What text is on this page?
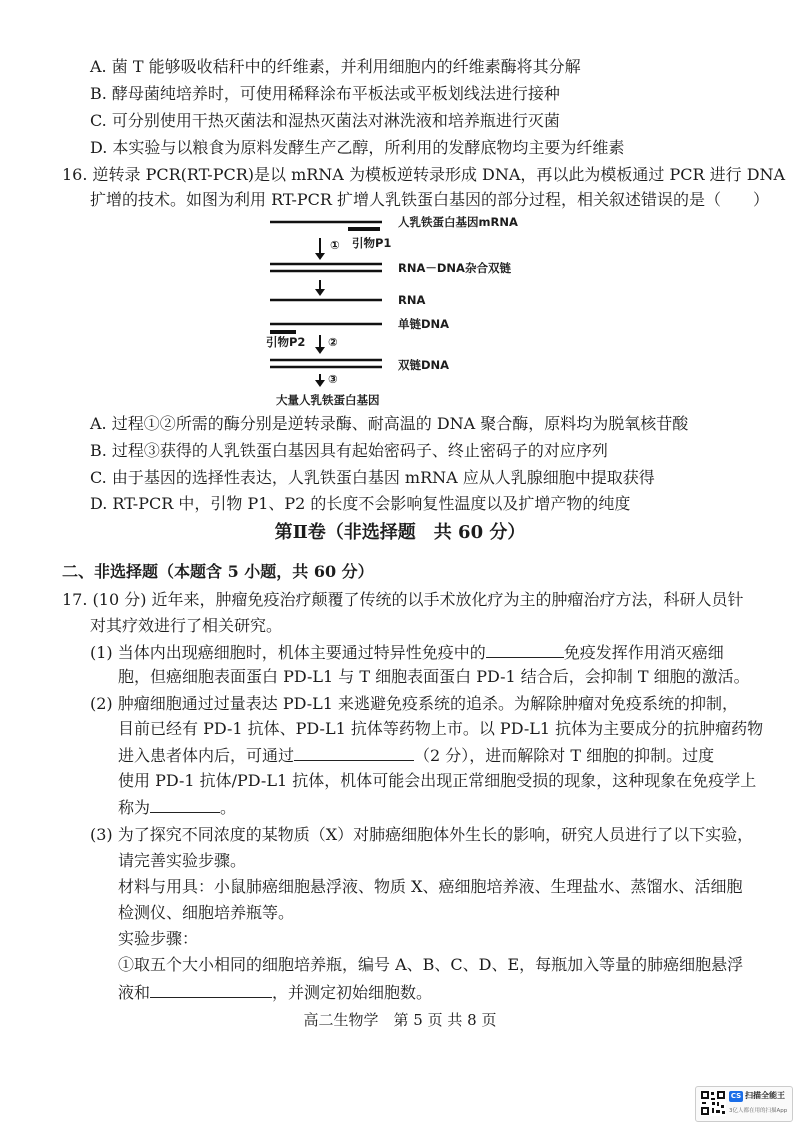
A. 菌 T 能够吸收秸秆中的纤维素，并利用细胞内的纤维素酶将其分解
B. 酵母菌纯培养时，可使用稀释涂布平板法或平板划线法进行接种
C. 可分别使用干热灭菌法和湿热灭菌法对淋洗液和培养瓶进行灭菌
D. 本实验与以粮食为原料发酵生产乙醇，所利用的发酵底物均主要为纤维素
16. 逆转录 PCR(RT-PCR)是以 mRNA 为模板逆转录形成 DNA，再以此为模板通过 PCR 进行 DNA
扩增的技术。如图为利用 RT-PCR 扩增人乳铁蛋白基因的部分过程，相关叙述错误的是（　　）
人乳铁蛋白基因mRNA
引物P1
①
RNA－DNA杂合双链
RNA
单链DNA
引物P2 ②
双链DNA
③
大量人乳铁蛋白基因
A. 过程①②所需的酶分别是逆转录酶、耐高温的 DNA 聚合酶，原料均为脱氧核苷酸
B. 过程③获得的人乳铁蛋白基因具有起始密码子、终止密码子的对应序列
C. 由于基因的选择性表达，人乳铁蛋白基因 mRNA 应从人乳腺细胞中提取获得
D. RT-PCR 中，引物 P1、P2 的长度不会影响复性温度以及扩增产物的纯度
第Ⅱ卷（非选择题　共 60 分）
二、非选择题（本题含 5 小题，共 60 分）
17. (10 分) 近年来，肿瘤免疫治疗颠覆了传统的以手术放化疗为主的肿瘤治疗方法，科研人员针
对其疗效进行了相关研究。
(1) 当体内出现癌细胞时，机体主要通过特异性免疫中的	免疫发挥作用消灭癌细
胞，但癌细胞表面蛋白 PD-L1 与 T 细胞表面蛋白 PD-1 结合后，会抑制 T 细胞的激活。
(2) 肿瘤细胞通过过量表达 PD-L1 来逃避免疫系统的追杀。为解除肿瘤对免疫系统的抑制，
目前已经有 PD-1 抗体、PD-L1 抗体等药物上市。以 PD-L1 抗体为主要成分的抗肿瘤药物
进入患者体内后，可通过	（2 分），进而解除对 T 细胞的抑制。过度
使用 PD-1 抗体/PD-L1 抗体，机体可能会出现正常细胞受损的现象，这种现象在免疫学上
称为	。
(3) 为了探究不同浓度的某物质（X）对肺癌细胞体外生长的影响，研究人员进行了以下实验，
请完善实验步骤。
材料与用具：小鼠肺癌细胞悬浮液、物质 X、癌细胞培养液、生理盐水、蒸馏水、活细胞
检测仪、细胞培养瓶等。
实验步骤：
①取五个大小相同的细胞培养瓶，编号 A、B、C、D、E，每瓶加入等量的肺癌细胞悬浮
液和	，并测定初始细胞数。
高二生物学　第 5 页 共 8 页
CS 扫描全能王
3亿人都在用的扫描App
